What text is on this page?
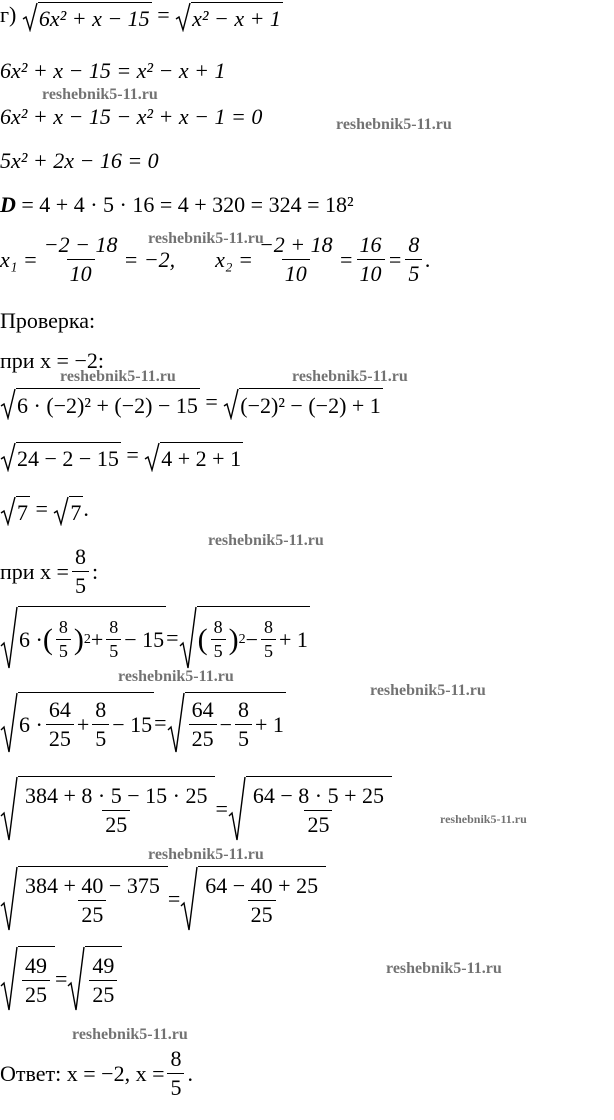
г) 6x² + x − 15 = x² − x + 1
6x² + x − 15 = x² − x + 1
6x² + x − 15 − x² + x − 1 = 0
5x² + 2x − 16 = 0
D = 4 + 4 · 5 · 16 = 4 + 320 = 324 = 18²
$x_1 = \frac{-2 - 18}{10} = -2$, $x_2 = \frac{-2 + 18}{10} = \frac{16}{10} = \frac{8}{5}$ .
Проверка:
при x = −2:
6 · (−2)² + (−2) − 15 = (−2)² − (−2) + 1
24 − 2 − 15 = 4 + 2 + 1
7 = 7 .
при $x = \frac{8}{5}$ :
6 · ( $\frac{8}{5}$ ) $2 + \frac{8}{5} - 15$ = ( $\frac{8}{5}$ ) $2 - \frac{8}{5} + 1$
$6 \cdot \frac{64}{25} + \frac{8}{5} - 15 = \frac{64}{25} - \frac{8}{5} + 1$
$\frac{384 + 8 \cdot 5 - 15 \cdot 25}{25} = \frac{64 - 8 \cdot 5 + 25}{25}$
$\frac{384 + 40 - 375}{25} = \frac{64 - 40 + 25}{25}$
$\frac{49}{25} = \frac{49}{25}$
Ответ: x = −2, $x = \frac{8}{5}$ .
reshebnik5-11.ru
reshebnik5-11.ru
reshebnik5-11.ru
reshebnik5-11.ru	reshebnik5-11.ru
reshebnik5-11.ru
reshebnik5-11.ru
reshebnik5-11.ru
reshebnik5-11.ru
reshebnik5-11.ru
reshebnik5-11.ru
reshebnik5-11.ru
